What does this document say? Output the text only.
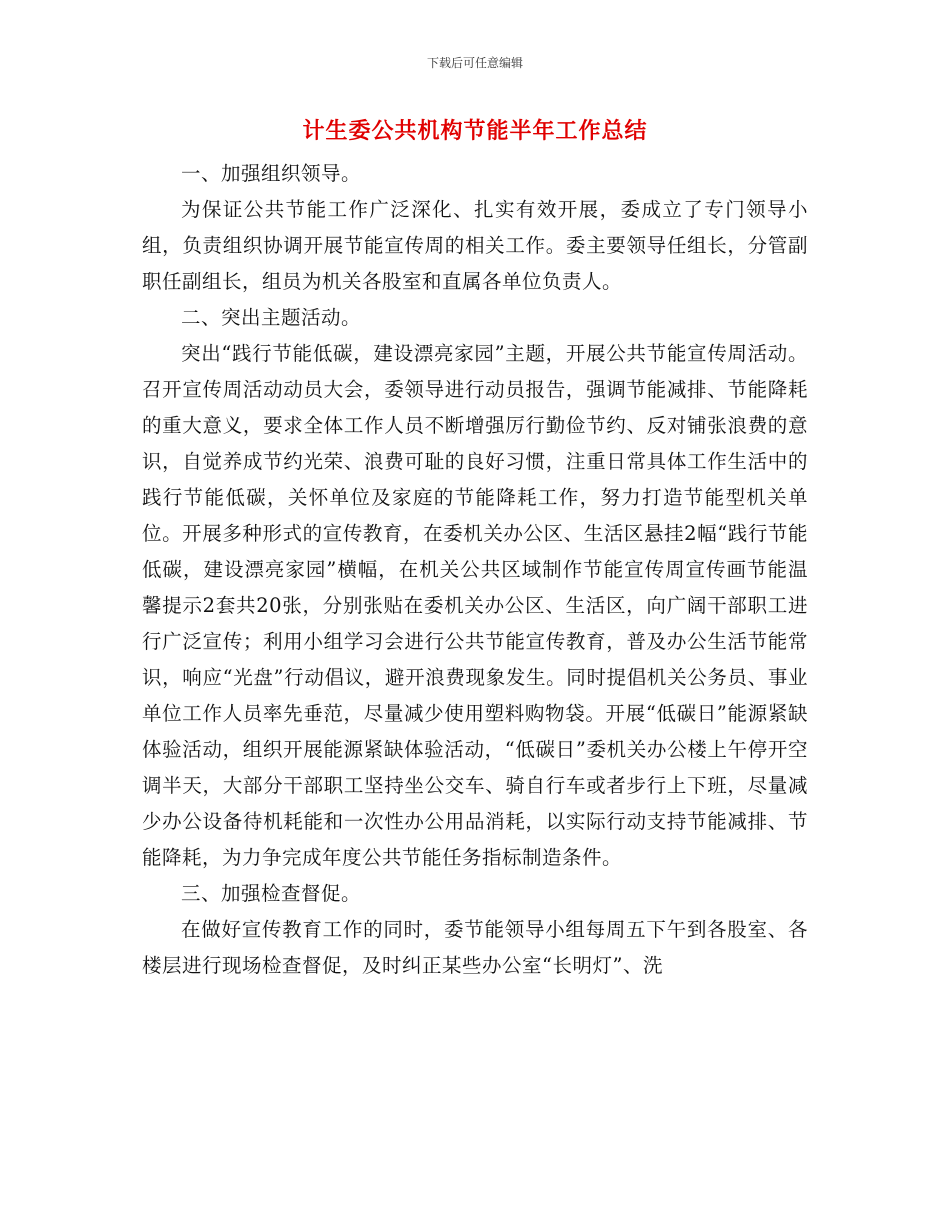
下载后可任意编辑
计生委公共机构节能半年工作总结

一、加强组织领导。

为保证公共节能工作广泛深化、扎实有效开展，委成立了专门领导小组，负责组织协调开展节能宣传周的相关工作。委主要领导任组长，分管副职任副组长，组员为机关各股室和直属各单位负责人。

二、突出主题活动。

突出“践行节能低碳，建设漂亮家园”主题，开展公共节能宣传周活动。召开宣传周活动动员大会，委领导进行动员报告，强调节能减排、节能降耗的重大意义，要求全体工作人员不断增强厉行勤俭节约、反对铺张浪费的意识，自觉养成节约光荣、浪费可耻的良好习惯，注重日常具体工作生活中的践行节能低碳，关怀单位及家庭的节能降耗工作，努力打造节能型机关单位。开展多种形式的宣传教育，在委机关办公区、生活区悬挂2幅“践行节能低碳，建设漂亮家园”横幅，在机关公共区域制作节能宣传周宣传画节能温馨提示2套共20张，分别张贴在委机关办公区、生活区，向广阔干部职工进行广泛宣传；利用小组学习会进行公共节能宣传教育，普及办公生活节能常识，响应“光盘”行动倡议，避开浪费现象发生。同时提倡机关公务员、事业单位工作人员率先垂范，尽量减少使用塑料购物袋。开展“低碳日”能源紧缺体验活动，组织开展能源紧缺体验活动，“低碳日”委机关办公楼上午停开空调半天，大部分干部职工坚持坐公交车、骑自行车或者步行上下班，尽量减少办公设备待机耗能和一次性办公用品消耗，以实际行动支持节能减排、节能降耗，为力争完成年度公共节能任务指标制造条件。

三、加强检查督促。

在做好宣传教育工作的同时，委节能领导小组每周五下午到各股室、各楼层进行现场检查督促，及时纠正某些办公室“长明灯”、洗
